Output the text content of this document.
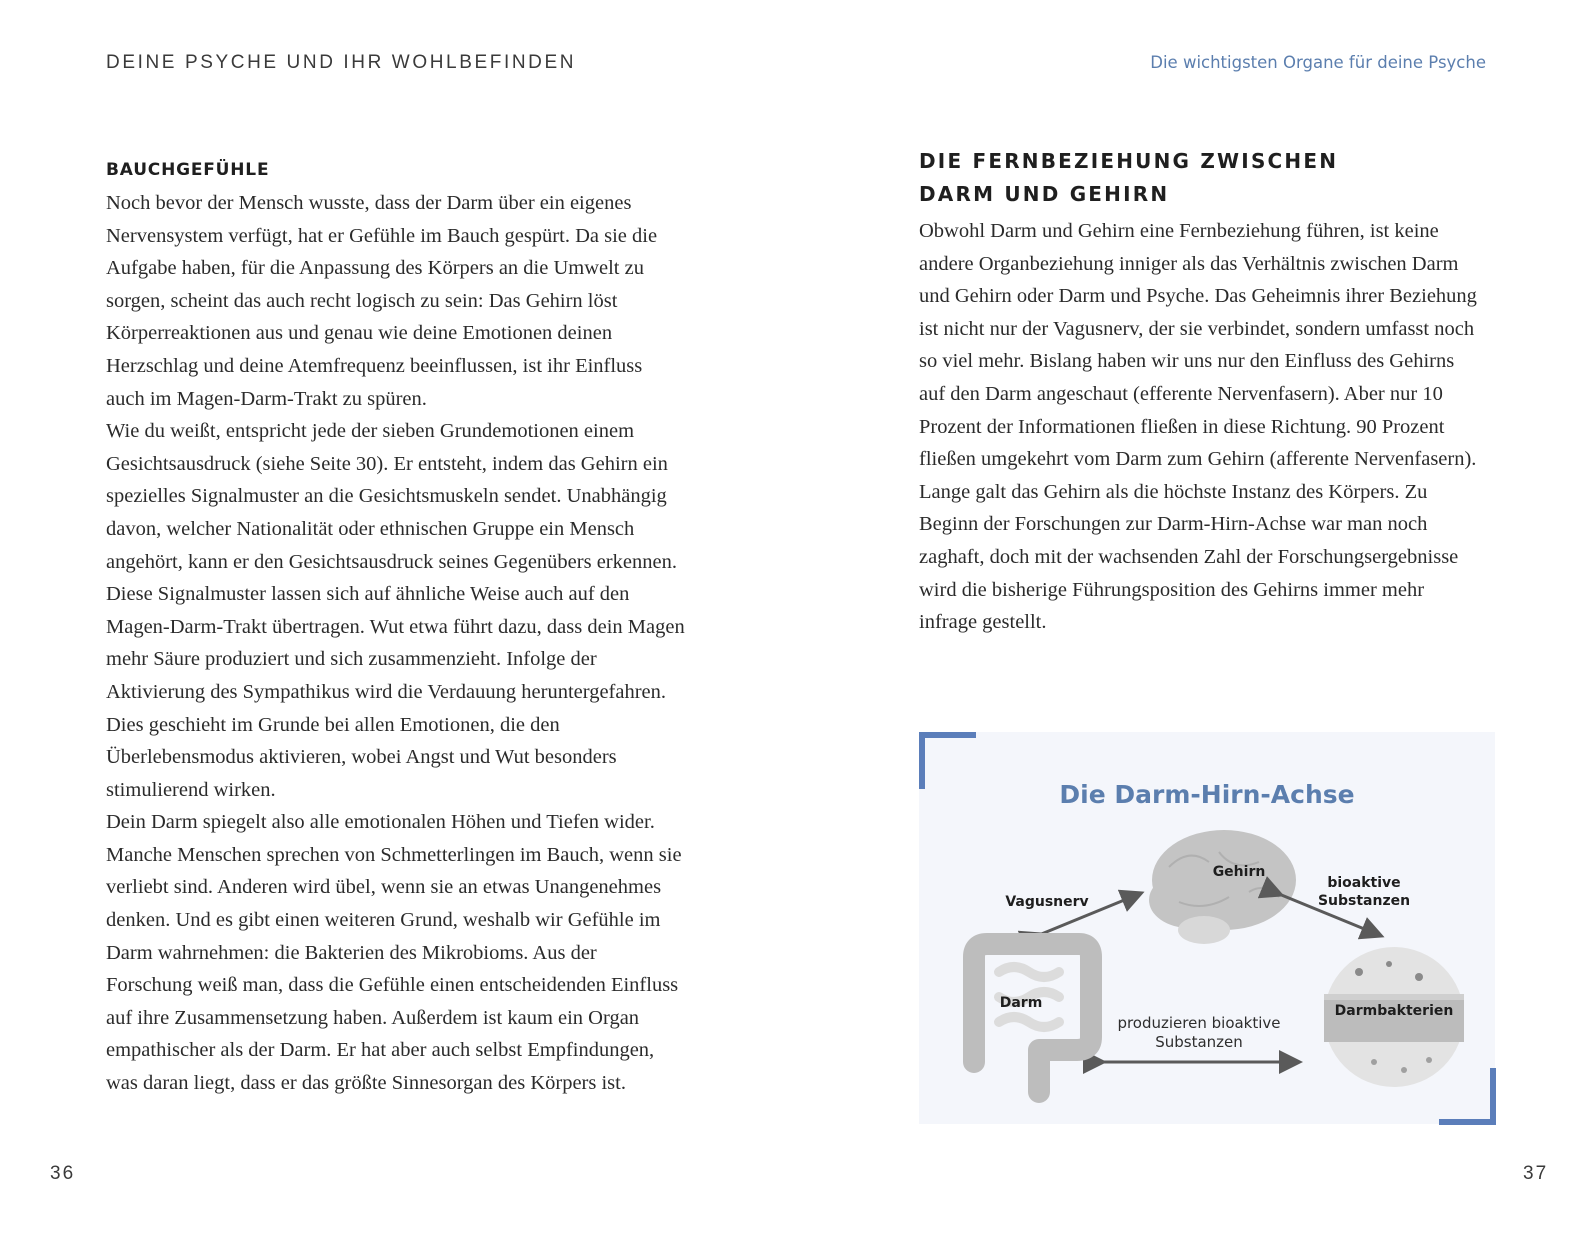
DEINE PSYCHE UND IHR WOHLBEFINDEN	Die wichtigsten Organe für deine Psyche
BAUCHGEFÜHLE

Noch bevor der Mensch wusste, dass der Darm über ein eigenes Nervensystem verfügt, hat er Gefühle im Bauch gespürt. Da sie die Aufgabe haben, für die Anpassung des Körpers an die Umwelt zu sorgen, scheint das auch recht logisch zu sein: Das Gehirn löst Körperreaktionen aus und genau wie deine Emotionen deinen Herzschlag und deine Atemfrequenz beeinflussen, ist ihr Einfluss auch im Magen-Darm-Trakt zu spüren.

Wie du weißt, entspricht jede der sieben Grundemotionen einem Gesichtsausdruck (siehe Seite 30). Er entsteht, indem das Gehirn ein spezielles Signalmuster an die Gesichtsmuskeln sendet. Unabhängig davon, welcher Nationalität oder ethnischen Gruppe ein Mensch angehört, kann er den Gesichtsausdruck seines Gegenübers erkennen. Diese Signalmuster lassen sich auf ähnliche Weise auch auf den Magen-Darm-Trakt übertragen. Wut etwa führt dazu, dass dein Magen mehr Säure produziert und sich zusammenzieht. Infolge der Aktivierung des Sympathikus wird die Verdauung heruntergefahren. Dies geschieht im Grunde bei allen Emotionen, die den Überlebensmodus aktivieren, wobei Angst und Wut besonders stimulierend wirken.

Dein Darm spiegelt also alle emotionalen Höhen und Tiefen wider. Manche Menschen sprechen von Schmetterlingen im Bauch, wenn sie verliebt sind. Anderen wird übel, wenn sie an etwas Unangenehmes denken. Und es gibt einen weiteren Grund, weshalb wir Gefühle im Darm wahrnehmen: die Bakterien des Mikrobioms. Aus der Forschung weiß man, dass die Gefühle einen entscheidenden Einfluss auf ihre Zusammensetzung haben. Außerdem ist kaum ein Organ empathischer als der Darm. Er hat aber auch selbst Empfindungen, was daran liegt, dass er das größte Sinnesorgan des Körpers ist.

DIE FERNBEZIEHUNG ZWISCHEN
DARM UND GEHIRN

Obwohl Darm und Gehirn eine Fernbeziehung führen, ist keine andere Organbeziehung inniger als das Verhältnis zwischen Darm und Gehirn oder Darm und Psyche. Das Geheimnis ihrer Beziehung ist nicht nur der Vagusnerv, der sie verbindet, sondern umfasst noch so viel mehr. Bislang haben wir uns nur den Einfluss des Gehirns auf den Darm angeschaut (efferente Nervenfasern). Aber nur 10 Prozent der Informationen fließen in diese Richtung. 90 Prozent fließen umgekehrt vom Darm zum Gehirn (afferente Nervenfasern).

Lange galt das Gehirn als die höchste Instanz des Körpers. Zu Beginn der Forschungen zur Darm-Hirn-Achse war man noch zaghaft, doch mit der wachsenden Zahl der Forschungsergebnisse wird die bisherige Führungsposition des Gehirns immer mehr infrage gestellt.

Die Darm-Hirn-Achse
Gehirn
Vagusnerv
bioaktive
Substanzen
Darm	Darmbakterien
produzieren bioaktive
Substanzen
36	37
